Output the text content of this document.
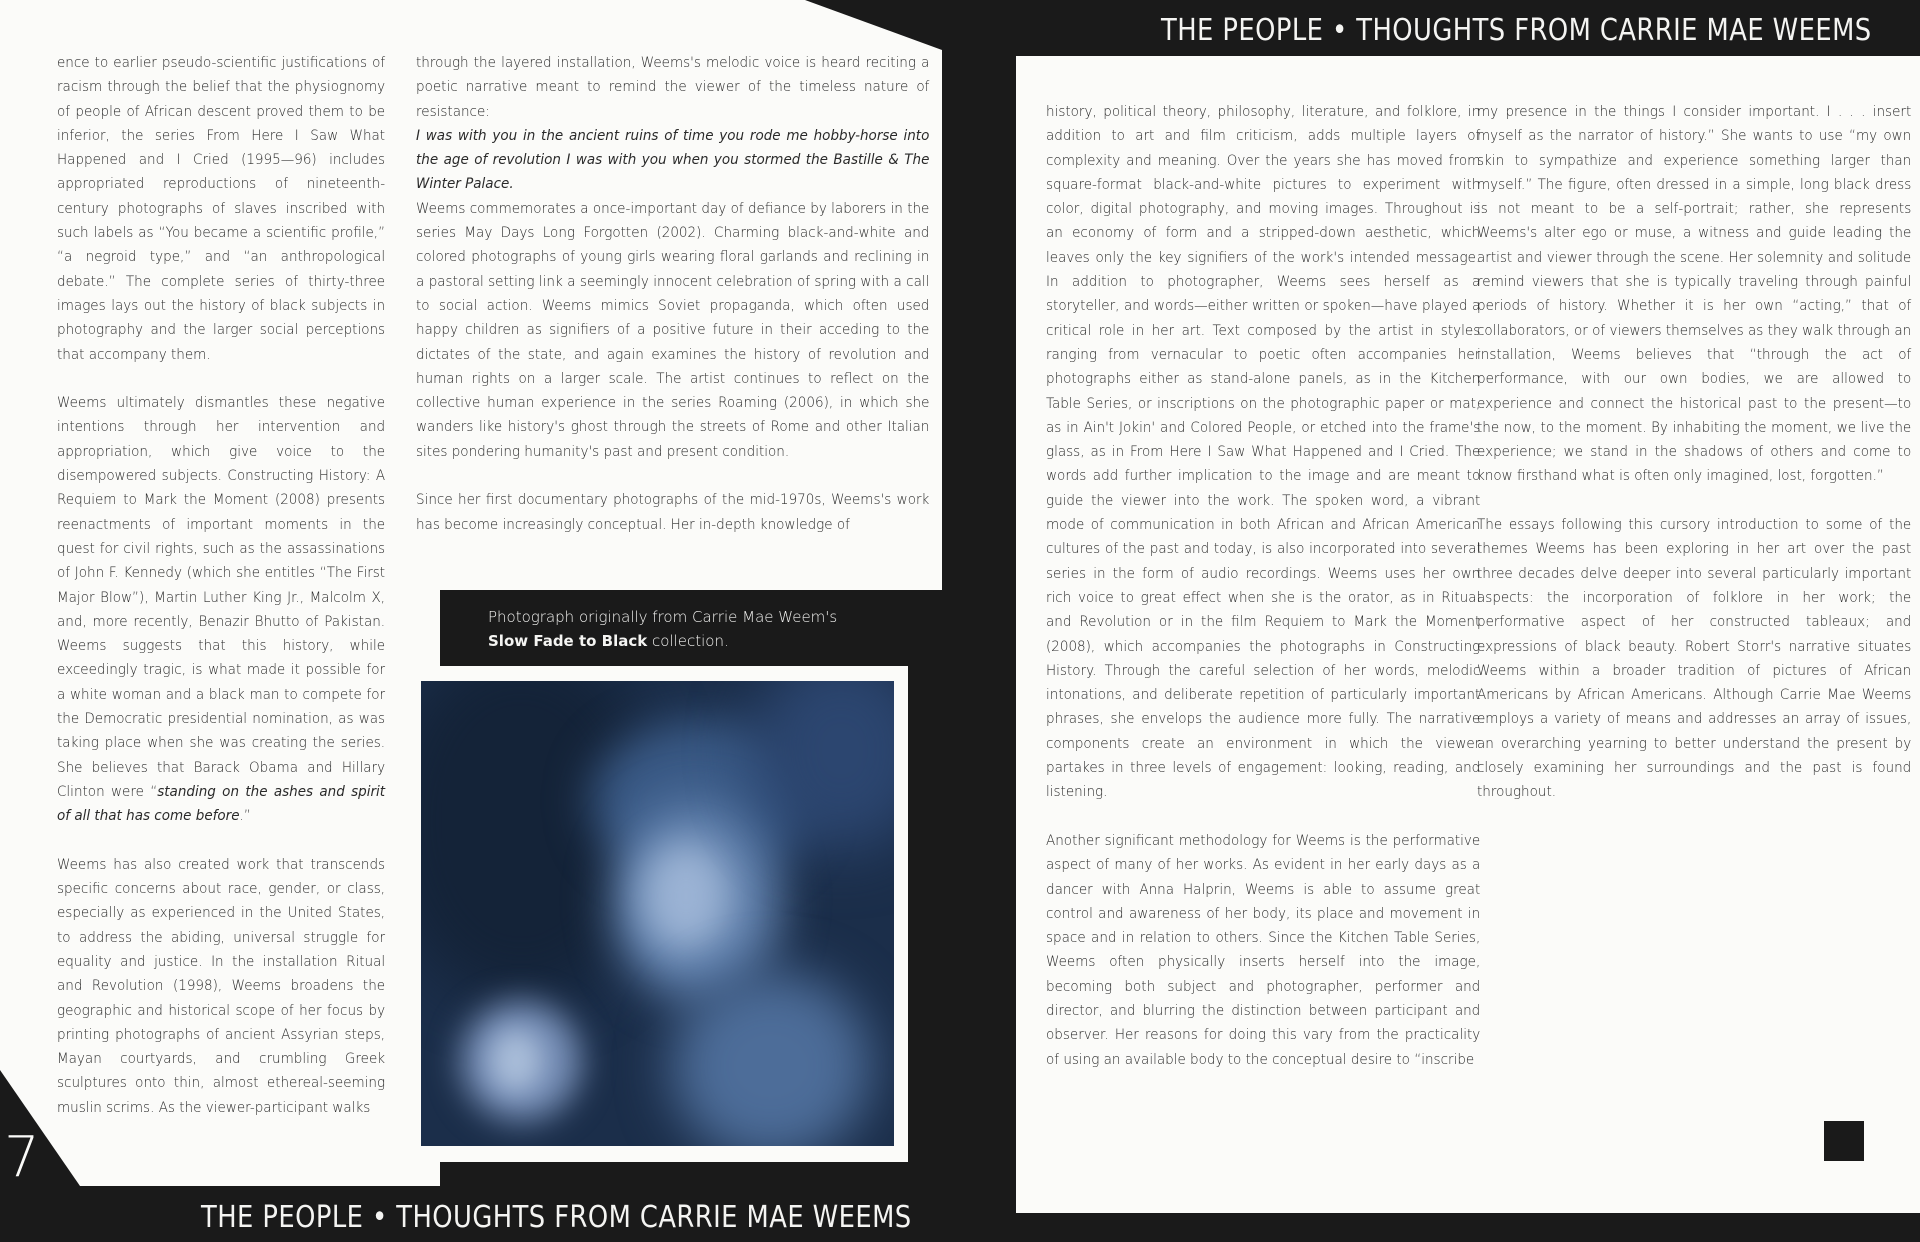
7
THE PEOPLE • THOUGHTS FROM CARRIE MAE WEEMS
THE PEOPLE • THOUGHTS FROM CARRIE MAE WEEMS

ence to earlier pseudo-scientific justifications of racism through the belief that the physiognomy of people of African descent proved them to be inferior, the series From Here I Saw What Happened and I Cried (1995—96) includes appropriated reproductions of nineteenth-century photographs of slaves inscribed with such labels as “You became a scientific profile,” “a negroid type,” and “an anthropological debate.” The complete series of thirty-three images lays out the history of black subjects in photography and the larger social perceptions that accompany them.

Weems ultimately dismantles these negative intentions through her intervention and appropriation, which give voice to the disempowered subjects. Constructing History: A Requiem to Mark the Moment (2008) presents reenactments of important moments in the quest for civil rights, such as the assassinations of John F. Kennedy (which she entitles “The First Major Blow”), Martin Luther King Jr., Malcolm X, and, more recently, Benazir Bhutto of Pakistan. Weems suggests that this history, while exceedingly tragic, is what made it possible for a white woman and a black man to compete for the Democratic presidential nomination, as was taking place when she was creating the series. She believes that Barack Obama and Hillary Clinton were “standing on the ashes and spirit of all that has come before.”

Weems has also created work that transcends specific concerns about race, gender, or class, especially as experienced in the United States, to address the abiding, universal struggle for equality and justice. In the installation Ritual and Revolution (1998), Weems broadens the geographic and historical scope of her focus by printing photographs of ancient Assyrian steps, Mayan courtyards, and crumbling Greek sculptures onto thin, almost ethereal-seeming muslin scrims. As the viewer-participant walks

through the layered installation, Weems's melodic voice is heard reciting a poetic narrative meant to remind the viewer of the timeless nature of resistance:

I was with you in the ancient ruins of time you rode me hobby-horse into the age of revolution I was with you when you stormed the Bastille & The Winter Palace.

Weems commemorates a once-important day of defiance by laborers in the series May Days Long Forgotten (2002). Charming black-and-white and colored photographs of young girls wearing floral garlands and reclining in a pastoral setting link a seemingly innocent celebration of spring with a call to social action. Weems mimics Soviet propaganda, which often used happy children as signifiers of a positive future in their acceding to the dictates of the state, and again examines the history of revolution and human rights on a larger scale. The artist continues to reflect on the collective human experience in the series Roaming (2006), in which she wanders like history's ghost through the streets of Rome and other Italian sites pondering humanity's past and present condition.

Since her first documentary photographs of the mid-1970s, Weems's work has become increasingly conceptual. Her in-depth knowledge of

Photograph originally from Carrie Mae Weem's
Slow Fade to Black collection.

history, political theory, philosophy, literature, and folklore, in addition to art and film criticism, adds multiple layers of complexity and meaning. Over the years she has moved from square-format black-and-white pictures to experiment with color, digital photography, and moving images. Throughout is an economy of form and a stripped-down aesthetic, which leaves only the key signifiers of the work's intended message. In addition to photographer, Weems sees herself as a storyteller, and words—either written or spoken—have played a critical role in her art. Text composed by the artist in styles ranging from vernacular to poetic often accompanies her photographs either as stand-alone panels, as in the Kitchen Table Series, or inscriptions on the photographic paper or mat, as in Ain't Jokin' and Colored People, or etched into the frame's glass, as in From Here I Saw What Happened and I Cried. The words add further implication to the image and are meant to guide the viewer into the work. The spoken word, a vibrant mode of communication in both African and African American cultures of the past and today, is also incorporated into several series in the form of audio recordings. Weems uses her own rich voice to great effect when she is the orator, as in Ritual and Revolution or in the film Requiem to Mark the Moment (2008), which accompanies the photographs in Constructing History. Through the careful selection of her words, melodic intonations, and deliberate repetition of particularly important phrases, she envelops the audience more fully. The narrative components create an environment in which the viewer partakes in three levels of engagement: looking, reading, and listening.

Another significant methodology for Weems is the performative aspect of many of her works. As evident in her early days as a dancer with Anna Halprin, Weems is able to assume great control and awareness of her body, its place and movement in space and in relation to others. Since the Kitchen Table Series, Weems often physically inserts herself into the image, becoming both subject and photographer, performer and director, and blurring the distinction between participant and observer. Her reasons for doing this vary from the practicality of using an available body to the conceptual desire to “inscribe

my presence in the things I consider important. I . . . insert myself as the narrator of history.” She wants to use “my own skin to sympathize and experience something larger than myself.” The figure, often dressed in a simple, long black dress is not meant to be a self-portrait; rather, she represents Weems's alter ego or muse, a witness and guide leading the artist and viewer through the scene. Her solemnity and solitude remind viewers that she is typically traveling through painful periods of history. Whether it is her own “acting,” that of collaborators, or of viewers themselves as they walk through an installation, Weems believes that “through the act of performance, with our own bodies, we are allowed to experience and connect the historical past to the present—to the now, to the moment. By inhabiting the moment, we live the experience; we stand in the shadows of others and come to know firsthand what is often only imagined, lost, forgotten.”

The essays following this cursory introduction to some of the themes Weems has been exploring in her art over the past three decades delve deeper into several particularly important aspects: the incorporation of folklore in her work; the performative aspect of her constructed tableaux; and expressions of black beauty. Robert Storr's narrative situates Weems within a broader tradition of pictures of African Americans by African Americans. Although Carrie Mae Weems employs a variety of means and addresses an array of issues, an overarching yearning to better understand the present by closely examining her surroundings and the past is found throughout.
